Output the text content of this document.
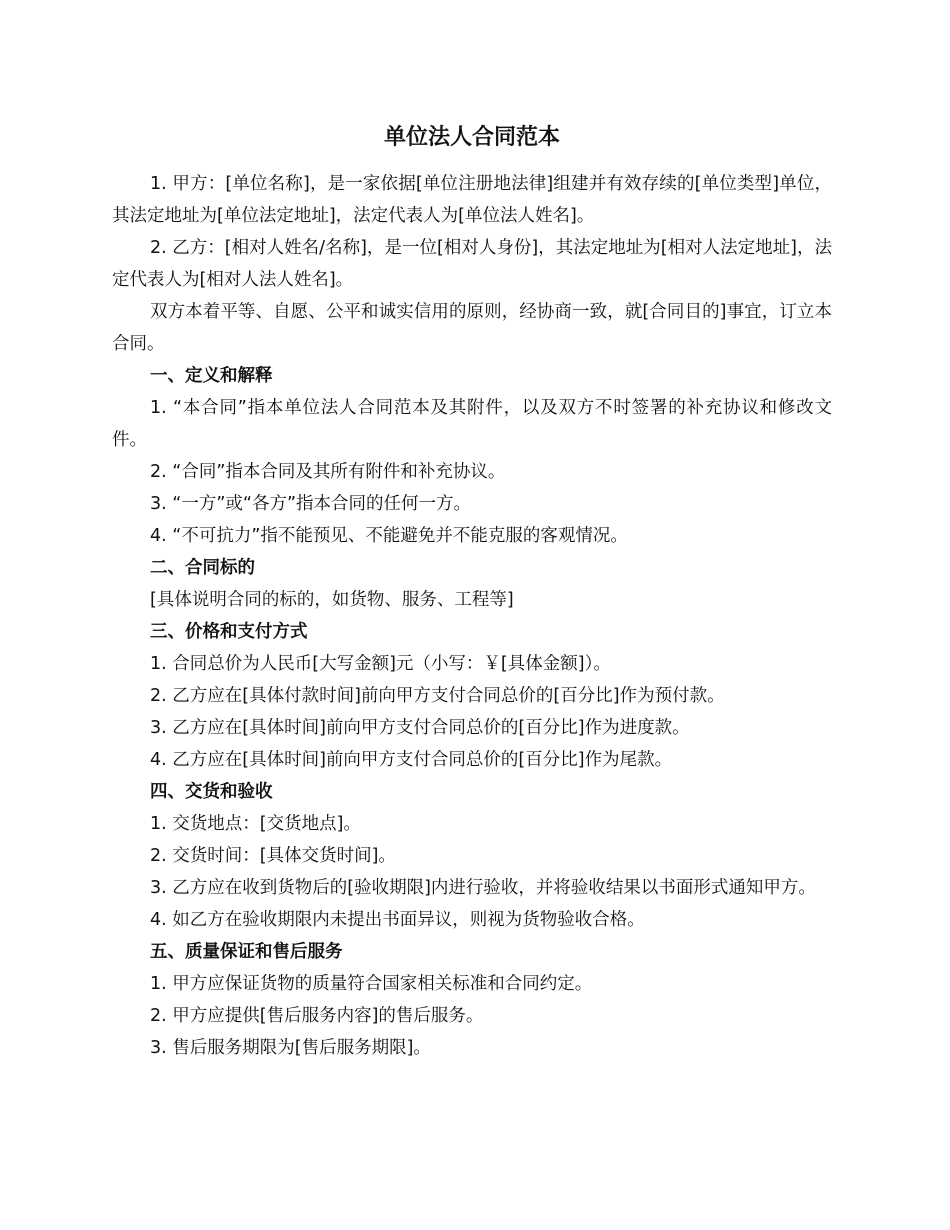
单位法人合同范本

1. 甲方：[单位名称]，是一家依据[单位注册地法律]组建并有效存续的[单位类型]单位，其法定地址为[单位法定地址]，法定代表人为[单位法人姓名]。

2. 乙方：[相对人姓名/名称]，是一位[相对人身份]，其法定地址为[相对人法定地址]，法定代表人为[相对人法人姓名]。

双方本着平等、自愿、公平和诚实信用的原则，经协商一致，就[合同目的]事宜，订立本合同。

一、定义和解释

1. “本合同”指本单位法人合同范本及其附件，以及双方不时签署的补充协议和修改文件。

2. “合同”指本合同及其所有附件和补充协议。

3. “一方”或“各方”指本合同的任何一方。

4. “不可抗力”指不能预见、不能避免并不能克服的客观情况。

二、合同标的

[具体说明合同的标的，如货物、服务、工程等]

三、价格和支付方式

1. 合同总价为人民币[大写金额]元（小写：￥[具体金额]）。

2. 乙方应在[具体付款时间]前向甲方支付合同总价的[百分比]作为预付款。

3. 乙方应在[具体时间]前向甲方支付合同总价的[百分比]作为进度款。

4. 乙方应在[具体时间]前向甲方支付合同总价的[百分比]作为尾款。

四、交货和验收

1. 交货地点：[交货地点]。

2. 交货时间：[具体交货时间]。

3. 乙方应在收到货物后的[验收期限]内进行验收，并将验收结果以书面形式通知甲方。

4. 如乙方在验收期限内未提出书面异议，则视为货物验收合格。

五、质量保证和售后服务

1. 甲方应保证货物的质量符合国家相关标准和合同约定。

2. 甲方应提供[售后服务内容]的售后服务。

3. 售后服务期限为[售后服务期限]。
